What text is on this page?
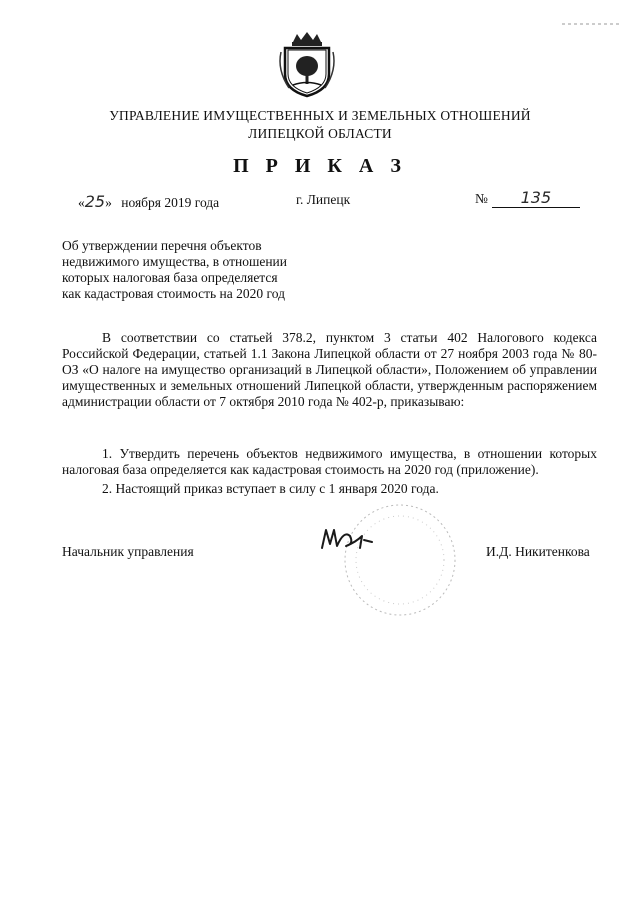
УПРАВЛЕНИЕ ИМУЩЕСТВЕННЫХ И ЗЕМЕЛЬНЫХ ОТНОШЕНИЙ
ЛИПЕЦКОЙ ОБЛАСТИ
П Р И К А З
«25» ноября 2019 года	г. Липецк	№ 135
Об утверждении перечня объектов
недвижимого имущества, в отношении
которых налоговая база определяется
как кадастровая стоимость на 2020 год
В соответствии со статьей 378.2, пунктом 3 статьи 402 Налогового кодекса Российской Федерации, статьей 1.1 Закона Липецкой области от 27 ноября 2003 года № 80-ОЗ «О налоге на имущество организаций в Липецкой области», Положением об управлении имущественных и земельных отношений Липецкой области, утвержденным распоряжением администрации области от 7 октября 2010 года № 402-р, приказываю:
1. Утвердить перечень объектов недвижимого имущества, в отношении которых налоговая база определяется как кадастровая стоимость на 2020 год (приложение).
2. Настоящий приказ вступает в силу с 1 января 2020 года.
Начальник управления	И.Д. Никитенкова
